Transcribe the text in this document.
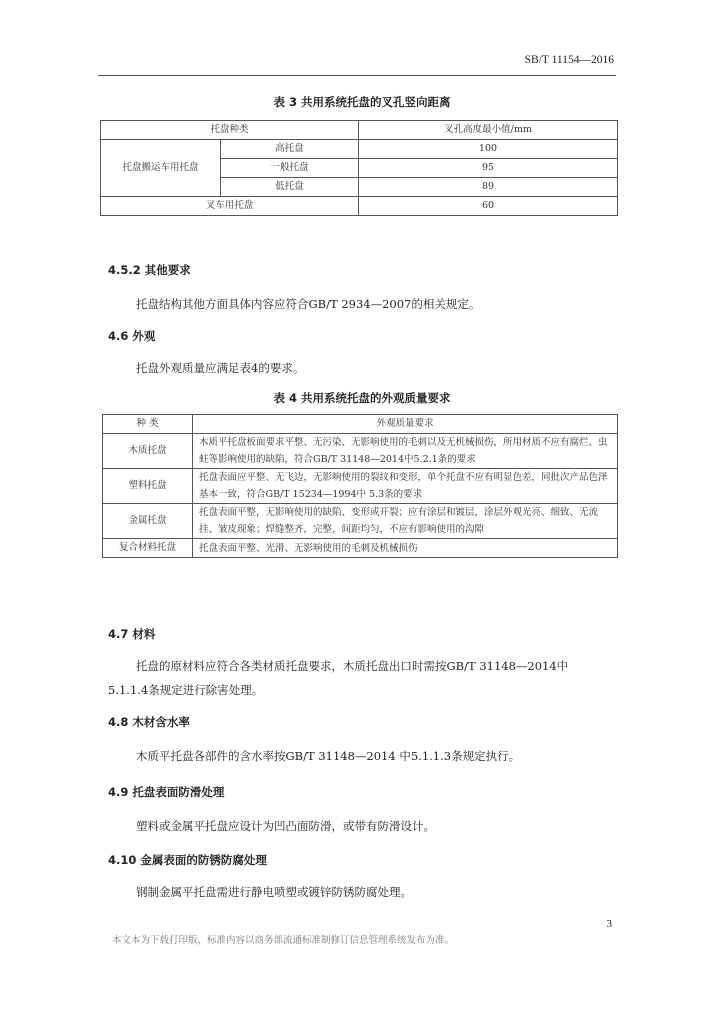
SB/T 11154—2016
表 3 共用系统托盘的叉孔竖向距离
托盘种类		叉孔高度最小值/mm
托盘搬运车用托盘	高托盘	100
	一般托盘	95
	低托盘	89
叉车用托盘		60
4.5.2 其他要求
托盘结构其他方面具体内容应符合GB/T 2934—2007的相关规定。
4.6 外观
托盘外观质量应满足表4的要求。
表 4 共用系统托盘的外观质量要求
种 类	外观质量要求
木质托盘	木质平托盘板面要求平整、无污染、无影响使用的毛刺以及无机械损伤，所用材质不应有腐烂、虫蛀等影响使用的缺陷，符合GB/T 31148—2014中5.2.1条的要求
塑料托盘	托盘表面应平整、无飞边，无影响使用的裂纹和变形，单个托盘不应有明显色差，同批次产品色泽基本一致，符合GB/T 15234—1994中 5.3条的要求
金属托盘	托盘表面平整，无影响使用的缺陷、变形或开裂；应有涂层和镀层，涂层外观光亮、细致、无流挂、皱皮现象；焊缝整齐，完整，间距均匀，不应有影响使用的沟隙
复合材料托盘	托盘表面平整、光滑、无影响使用的毛刺及机械损伤
4.7 材料
托盘的原材料应符合各类材质托盘要求，木质托盘出口时需按GB/T 31148—2014中
5.1.1.4条规定进行除害处理。
4.8 木材含水率
木质平托盘各部件的含水率按GB/T 31148—2014 中5.1.1.3条规定执行。
4.9 托盘表面防滑处理
塑料或金属平托盘应设计为凹凸面防滑，或带有防滑设计。
4.10 金属表面的防锈防腐处理
钢制金属平托盘需进行静电喷塑或镀锌防锈防腐处理。
3
本文本为下载打印版，标准内容以商务部流通标准制修订信息管理系统发布为准。
